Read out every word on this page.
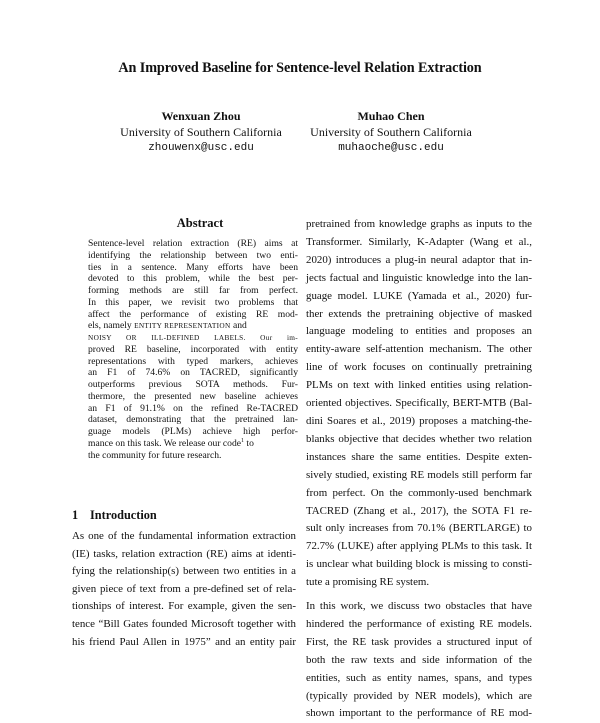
An Improved Baseline for Sentence-level Relation Extraction
Wenxuan Zhou
University of Southern California
zhouwenx@usc.edu
Muhao Chen
University of Southern California
muhaoche@usc.edu
Abstract
Sentence-level relation extraction (RE) aims at
identifying the relationship between two enti-
ties in a sentence. Many efforts have been
devoted to this problem, while the best per-
forming methods are still far from perfect.
In this paper, we revisit two problems that
affect the performance of existing RE mod-
els, namely ENTITY REPRESENTATION and
NOISY OR ILL-DEFINED LABELS. Our im-
proved RE baseline, incorporated with entity
representations with typed markers, achieves
an F1 of 74.6% on TACRED, significantly
outperforms previous SOTA methods. Fur-
thermore, the presented new baseline achieves
an F1 of 91.1% on the refined Re-TACRED
dataset, demonstrating that the pretrained lan-
guage models (PLMs) achieve high perfor-
mance on this task. We release our code$^1$ to
the community for future research.
1 Introduction
As one of the fundamental information extraction
(IE) tasks, relation extraction (RE) aims at identi-
fying the relationship(s) between two entities in a
given piece of text from a pre-defined set of rela-
tionships of interest. For example, given the sen-
tence “Bill Gates founded Microsoft together with
his friend Paul Allen in 1975” and an entity pair

pretrained from knowledge graphs as inputs to the
Transformer. Similarly, K-Adapter (Wang et al.,
2020) introduces a plug-in neural adaptor that in-
jects factual and linguistic knowledge into the lan-
guage model. LUKE (Yamada et al., 2020) fur-
ther extends the pretraining objective of masked
language modeling to entities and proposes an
entity-aware self-attention mechanism. The other
line of work focuses on continually pretraining
PLMs on text with linked entities using relation-
oriented objectives. Specifically, BERT-MTB (Bal-
dini Soares et al., 2019) proposes a matching-the-
blanks objective that decides whether two relation
instances share the same entities. Despite exten-
sively studied, existing RE models still perform far
from perfect. On the commonly-used benchmark
TACRED (Zhang et al., 2017), the SOTA F1 re-
sult only increases from 70.1% (BERTLARGE) to
72.7% (LUKE) after applying PLMs to this task. It
is unclear what building block is missing to consti-
tute a promising RE system.

In this work, we discuss two obstacles that have
hindered the performance of existing RE models.
First, the RE task provides a structured input of
both the raw texts and side information of the
entities, such as entity names, spans, and types
(typically provided by NER models), which are
shown important to the performance of RE mod-
